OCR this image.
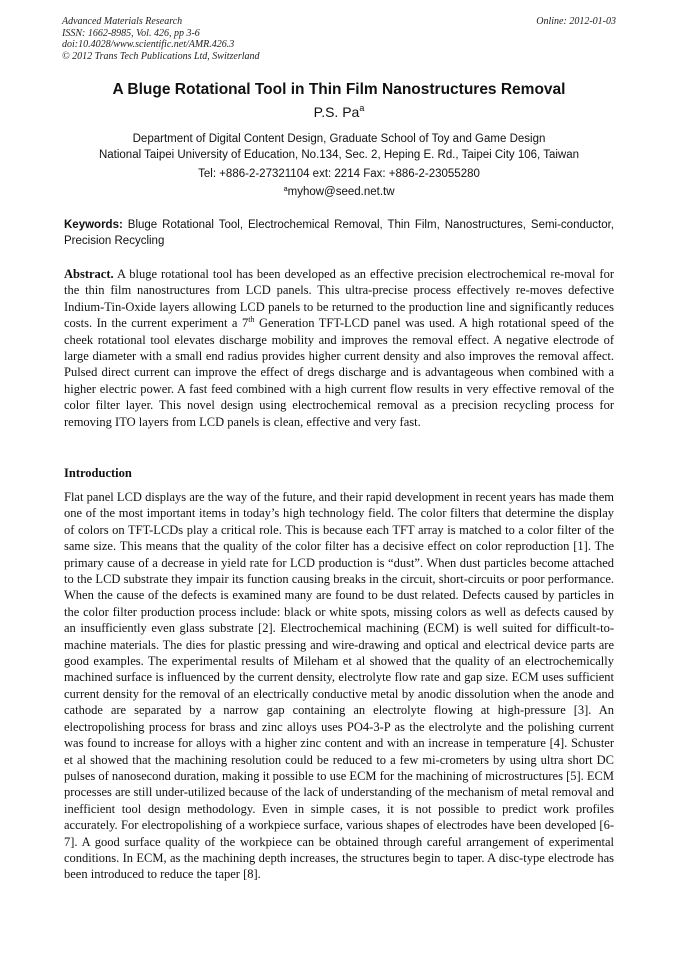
Advanced Materials Research
ISSN: 1662-8985, Vol. 426, pp 3-6
doi:10.4028/www.scientific.net/AMR.426.3
© 2012 Trans Tech Publications Ltd, Switzerland
Online: 2012-01-03
A Bluge Rotational Tool in Thin Film Nanostructures Removal
P.S. Pa$^a$
Department of Digital Content Design, Graduate School of Toy and Game Design
National Taipei University of Education, No.134, Sec. 2, Heping E. Rd., Taipei City 106, Taiwan
Tel: +886-2-27321104 ext: 2214 Fax: +886-2-23055280
$^a$myhow@seed.net.tw
Keywords: Bluge Rotational Tool, Electrochemical Removal, Thin Film, Nanostructures, Semi-conductor, Precision Recycling
Abstract. A bluge rotational tool has been developed as an effective precision electrochemical re-moval for the thin film nanostructures from LCD panels. This ultra-precise process effectively re-moves defective Indium-Tin-Oxide layers allowing LCD panels to be returned to the production line and significantly reduces costs. In the current experiment a 7th Generation TFT-LCD panel was used. A high rotational speed of the cheek rotational tool elevates discharge mobility and improves the removal effect. A negative electrode of large diameter with a small end radius provides higher current density and also improves the removal affect. Pulsed direct current can improve the effect of dregs discharge and is advantageous when combined with a higher electric power. A fast feed combined with a high current flow results in very effective removal of the color filter layer. This novel design using electrochemical removal as a precision recycling process for removing ITO layers from LCD panels is clean, effective and very fast.
Introduction
Flat panel LCD displays are the way of the future, and their rapid development in recent years has made them one of the most important items in today’s high technology field. The color filters that determine the display of colors on TFT-LCDs play a critical role. This is because each TFT array is matched to a color filter of the same size. This means that the quality of the color filter has a decisive effect on color reproduction [1]. The primary cause of a decrease in yield rate for LCD production is “dust”. When dust particles become attached to the LCD substrate they impair its function causing breaks in the circuit, short-circuits or poor performance. When the cause of the defects is examined many are found to be dust related. Defects caused by particles in the color filter production process include: black or white spots, missing colors as well as defects caused by an insufficiently even glass substrate [2]. Electrochemical machining (ECM) is well suited for difficult-to-machine materials. The dies for plastic pressing and wire-drawing and optical and electrical device parts are good examples. The experimental results of Mileham et al showed that the quality of an electrochemically machined surface is influenced by the current density, electrolyte flow rate and gap size. ECM uses sufficient current density for the removal of an electrically conductive metal by anodic dissolution when the anode and cathode are separated by a narrow gap containing an electrolyte flowing at high-pressure [3]. An electropolishing process for brass and zinc alloys uses PO4-3-P as the electrolyte and the polishing current was found to increase for alloys with a higher zinc content and with an increase in temperature [4]. Schuster et al showed that the machining resolution could be reduced to a few mi-crometers by using ultra short DC pulses of nanosecond duration, making it possible to use ECM for the machining of microstructures [5]. ECM processes are still under-utilized because of the lack of understanding of the mechanism of metal removal and inefficient tool design methodology. Even in simple cases, it is not possible to predict work profiles accurately. For electropolishing of a workpiece surface, various shapes of electrodes have been developed [6-7]. A good surface quality of the workpiece can be obtained through careful arrangement of experimental conditions. In ECM, as the machining depth increases, the structures begin to taper. A disc-type electrode has been introduced to reduce the taper [8].
